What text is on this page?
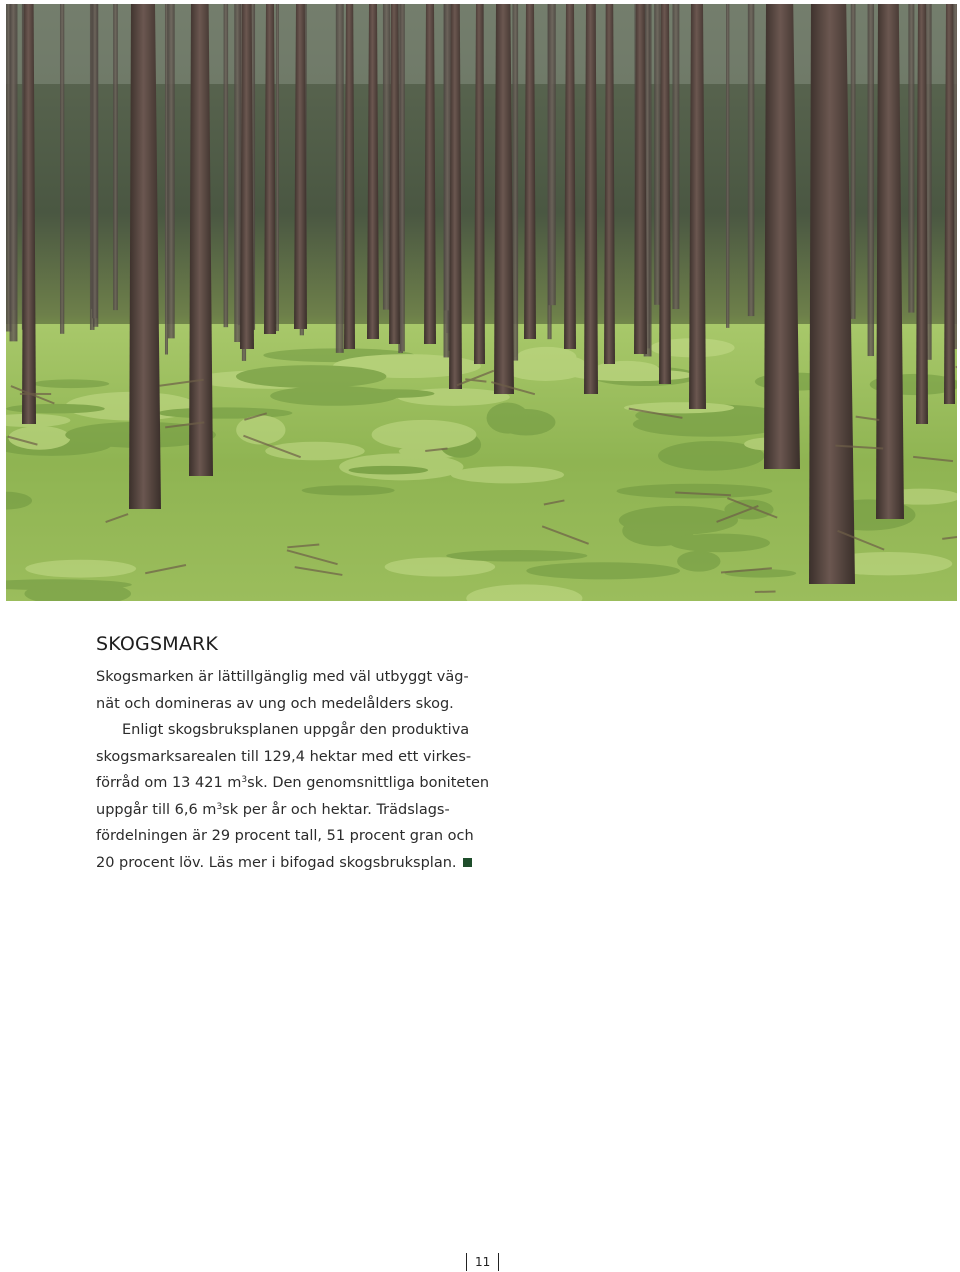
SKOGSMARK
Skogsmarken är lättillgänglig med väl utbyggt väg-
nät och domineras av ung och medelålders skog.
Enligt skogsbruksplanen uppgår den produktiva
skogsmarksarealen till 129,4 hektar med ett virkes-
förråd om 13 421 $m^3sk$. Den genomsnittliga boniteten
uppgår till 6,6 $m^3sk$ per år och hektar. Trädslags-
fördelningen är 29 procent tall, 51 procent gran och
20 procent löv. Läs mer i bifogad skogsbruksplan.
11
